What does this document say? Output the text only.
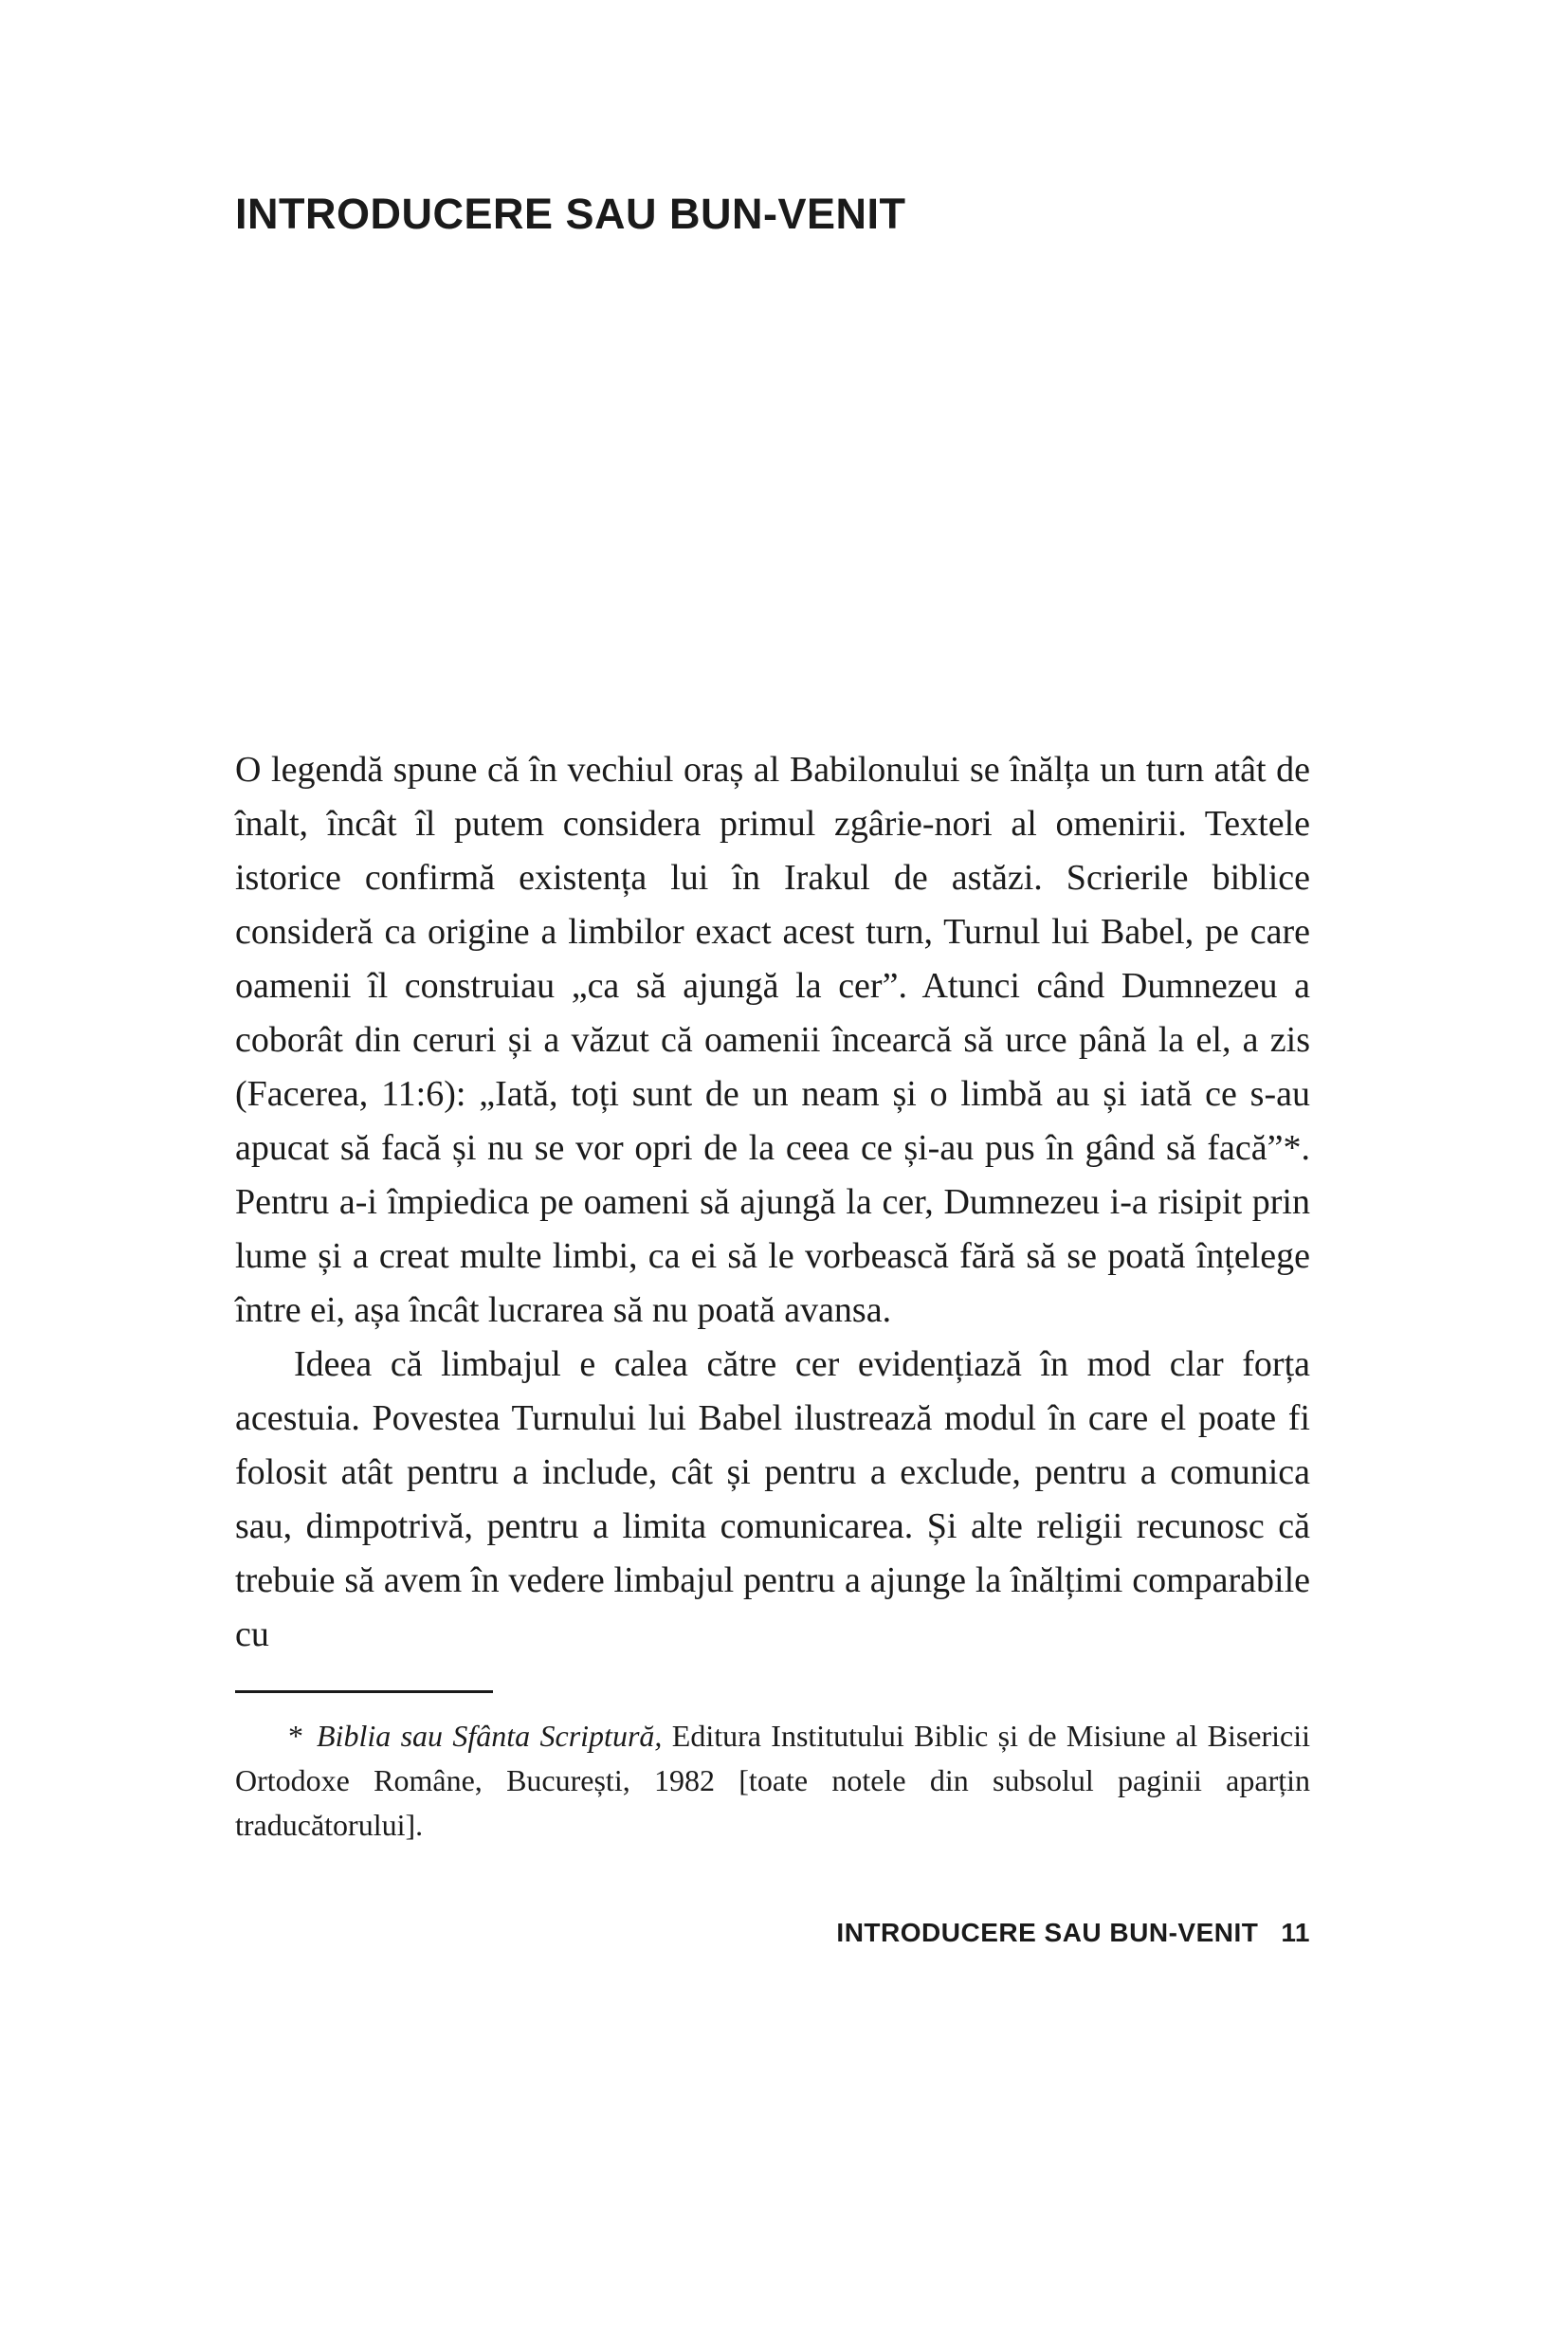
INTRODUCERE SAU BUN-VENIT

O legendă spune că în vechiul oraș al Babilonului se înălța un turn atât de înalt, încât îl putem considera primul zgârie-nori al omenirii. Textele istorice confirmă existența lui în Irakul de astăzi. Scrierile biblice consideră ca origine a limbilor exact acest turn, Turnul lui Babel, pe care oamenii îl construiau „ca să ajungă la cer”. Atunci când Dumnezeu a coborât din ceruri și a văzut că oamenii încearcă să urce până la el, a zis (Facerea, 11:6): „Iată, toți sunt de un neam și o limbă au și iată ce s-au apucat să facă și nu se vor opri de la ceea ce și-au pus în gând să facă”*. Pentru a-i împiedica pe oameni să ajungă la cer, Dumnezeu i-a risipit prin lume și a creat multe limbi, ca ei să le vorbească fără să se poată înțelege între ei, așa încât lucrarea să nu poată avansa.

Ideea că limbajul e calea către cer evidențiază în mod clar forța acestuia. Povestea Turnului lui Babel ilustrează modul în care el poate fi folosit atât pentru a include, cât și pentru a exclude, pentru a comunica sau, dimpotrivă, pentru a limita comunicarea. Și alte religii recunosc că trebuie să avem în vedere limbajul pentru a ajunge la înălțimi comparabile cu

* Biblia sau Sfânta Scriptură, Editura Institutului Biblic și de Misiune al Bisericii Ortodoxe Române, București, 1982 [toate notele din subsolul paginii aparțin traducătorului].

INTRODUCERE SAU BUN-VENIT 11
